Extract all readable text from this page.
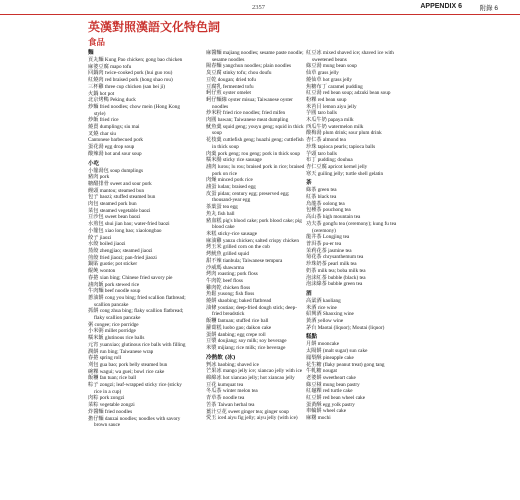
2357	APPENDIX 6	附錄 6
英漢對照漢語文化特色詞
食品
麵

貢丸麵 Kung Pao chicken; gong bao chicken

麻婆豆腐 mapo tofu

回鍋肉 twice-cooked pork (hui guo rou)

紅燒肉 red braised pork (hong shao rou)

三杯雞 three cup chicken (san bei ji)

火鍋 hot pot

北京烤鴨 Peking duck

炒麵 fried noodles; chow mein (Hong Kong style)

炒飯 fried rice

燒賣 dumplings; siu mai

叉燒 char siu

Cantonese barbecued pork

蛋花湯 egg drop soup

酸辣湯 hot and sour soup

小吃

小籠湯包 soup dumplings

豬肉 pork

糖醋排骨 sweet and sour pork

饅頭 mantou; steamed bun

包子 baozi; stuffed steamed bun

肉包 steamed pork bun

菜包 steamed vegetable baozi

豆沙包 sweet bean baozi

水煎包 shui jian bao; water-fried baozi

小籠包 xiao long bao; xiaolongbao

餃子 jiaozi

水餃 boiled jiaozi

蒸餃 zhengjiao; steamed jiaozi

煎餃 fried jiaozi; pan-fried jiaozi

鍋貼 guotie; pot sticker

餛飩 wonton

春捲 xian bing; Chinese fried savory pie

滷肉飯 pork stewed rice

牛肉麵 beef noodle soup

蔥油餅 cong you bing; fried scallion flatbread; scallion pancake

抓餅 cong zhua bing; flaky scallion flatbread; flaky scallion pancake

粥 congee; rice porridge

小米粥 millet porridge

糯米飯 glutinous rice balls

元宵 yuanxiao; glutinous rice balls with filling

潤餅 run bing; Taiwanese wrap

春捲 spring roll

刈包 gua bao; pork belly steamed bun

碗粿 wagui; wa guei; bowl rice cake

飯糰 fan tuan; rice ball

粽子 zongzi; leaf-wrapped sticky rice (sticky rice in a cup)

肉粽 pork zongzi

菜粽 vegetable zongzi

炸醬麵 fried noodles

擔仔麵 danzai noodles; noodles with savory brown sauce

麻醬麵 majiang noodles; sesame paste noodle; sesame noodles

陽春麵 yangchun noodles; plain noodles

臭豆腐 stinky tofu; chou doufu

豆乾 dougan; dried tofu

豆腐乳 fermented tofu

蚵仔煎 oyster omelet

蚵仔麵線 oyster misua; Taiwanese oyster noodles

炒米粉 fried rice noodles; fried mifen

肉圓 bawan; Taiwanese meat dumpling

魷魚羹 squid geng; youyu geng; squid in thick soup

花枝羹 cuttlefish geng; huazhi geng; cuttlefish in thick soup

肉羹 pork geng; rou geng; pork in thick soup

糯米腸 sticky rice sausage

滷肉 lurou; lu rou; braised pork in rice; braised pork on rice

肉燥 minced pork rice

滷蛋 ludan; braised egg

皮蛋 pidan; century egg; preserved egg; thousand-year egg

茶葉蛋 tea egg

魚丸 fish ball

豬血糕 pig's blood cake; pork blood cake; pig blood cake

米糕 sticky-rice sausage

麻油雞 yanzu chicken; salted crispy chicken

烤玉米 grilled corn on the cob

烤魷魚 grilled squid

甜不辣 tianbula; Taiwanese tempura

沙威瑪 shawarma

烤肉 roasting; pork floss

牛肉乾 beef floss

雞肉乾 chicken floss

魚鬆 yusong; fish floss

燒餅 shaobing; baked flatbread

油條 youtiao; deep-fried dough stick; deep-fried breadstick

飯糰 fantuan; stuffed rice ball

蘿蔔糕 luobo gao; daikon cake

蛋餅 danbing; egg crepe roll

豆漿 doujiang; soy milk; soy beverage

米漿 mijiang; rice milk; rice beverage

冷熱飲 (冰)

剉冰 baobing; shaved ice

芒果冰 mango jelly ice; xiancao jelly with ice

綿綿冰 hot xiancao jelly; hot xiancao jelly

豆花 kumquat tea

冬瓜茶 winter melon tea

青草茶 noodle tea

苦茶 Taiwan herbal tea

薑汁豆花 sweet ginger tea; ginger soup

愛玉 iced aiyu fig jelly; aiyu jelly (with ice)

紅豆冰 mixed shaved ice; shaved ice with sweetened beans

綠豆湯 mung bean soup

仙草 grass jelly

燒仙草 hot grass jelly

焦糖布丁 caramel pudding

紅豆湯 red bean soup; adzuki bean soup

粉粿 red bean soup

米苔目 lemon aiyu jelly

芋圓 taro balls

木瓜牛奶 papaya milk

西瓜牛奶 watermelon milk

酸梅湯 plum drink; sour plum drink

杏仁茶 almond tea

珍珠 tapioca pearls; tapioca balls

芋頭 taro balls

布丁 pudding; douhua

杏仁豆腐 apricot kernel jelly

寒天 guiling jelly; turtle shell gelatin

茶

綠茶 green tea

紅茶 black tea

烏龍茶 oolong tea

包種茶 pouchong tea

高山茶 high mountain tea

功夫茶 gongfu tea (ceremony); kung fu tea (ceremony)

龍井茶 Longjing tea

普洱茶 pu-er tea

茉莉花茶 jasmine tea

菊花茶 chrysanthemum tea

珍珠奶茶 pearl milk tea

奶茶 milk tea; boba milk tea

泡沫紅茶 bubble (black) tea

泡沫綠茶 bubble green tea

酒

高粱酒 kaoliang

米酒 rice wine

紹興酒 Shaoxing wine

黃酒 yellow wine

茅台 Maotai (liquor); Moutai (liquor)

糕點

月餅 mooncake

太陽餅 (malt sugar) sun cake

鳳梨酥 pineapple cake

花生糖 (flaky peanut treat) gong tang

牛軋糖 nougat

老婆餅 sweetheart cake

綠豆椪 mung bean pastry

紅龜粿 red turtle cake

紅豆餅 red bean wheel cake

蛋黃酥 egg yolk pastry

車輪餅 wheel cake

麻糬 mochi
